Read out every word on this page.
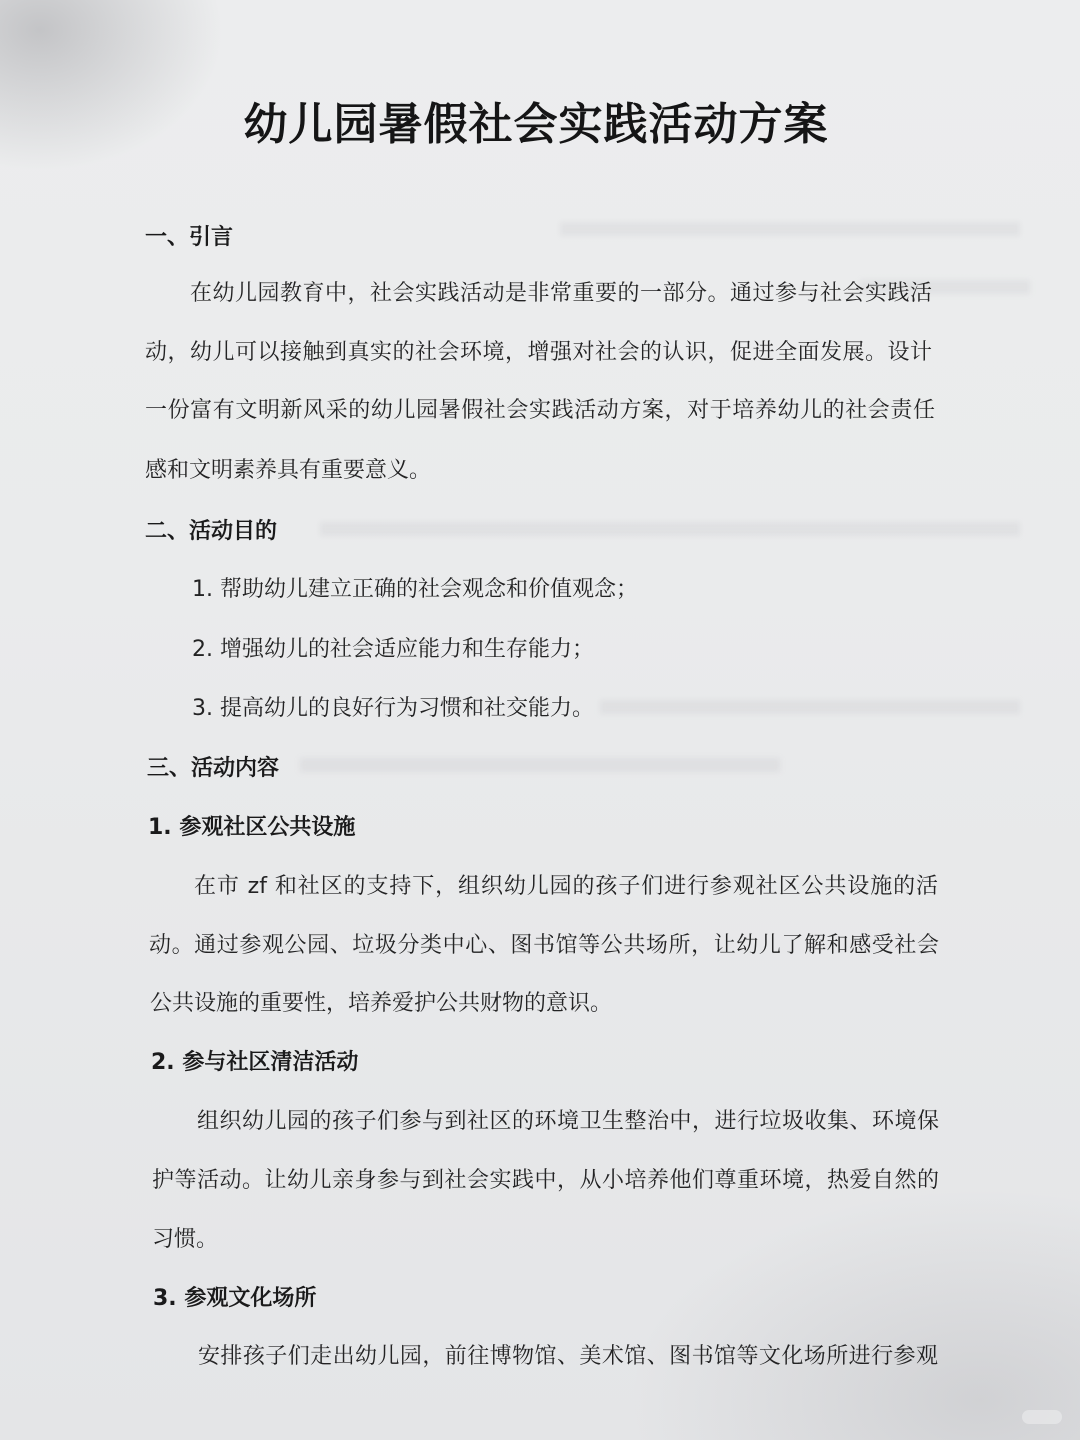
幼儿园暑假社会实践活动方案
一、引言
在幼儿园教育中，社会实践活动是非常重要的一部分。通过参与社会实践活
动，幼儿可以接触到真实的社会环境，增强对社会的认识，促进全面发展。设计
一份富有文明新风采的幼儿园暑假社会实践活动方案，对于培养幼儿的社会责任
感和文明素养具有重要意义。
二、活动目的
1. 帮助幼儿建立正确的社会观念和价值观念；
2. 增强幼儿的社会适应能力和生存能力；
3. 提高幼儿的良好行为习惯和社交能力。
三、活动内容
1. 参观社区公共设施
在市 zf 和社区的支持下，组织幼儿园的孩子们进行参观社区公共设施的活
动。通过参观公园、垃圾分类中心、图书馆等公共场所，让幼儿了解和感受社会
公共设施的重要性，培养爱护公共财物的意识。
2. 参与社区清洁活动
组织幼儿园的孩子们参与到社区的环境卫生整治中，进行垃圾收集、环境保
护等活动。让幼儿亲身参与到社会实践中，从小培养他们尊重环境，热爱自然的
习惯。
3. 参观文化场所
安排孩子们走出幼儿园，前往博物馆、美术馆、图书馆等文化场所进行参观
